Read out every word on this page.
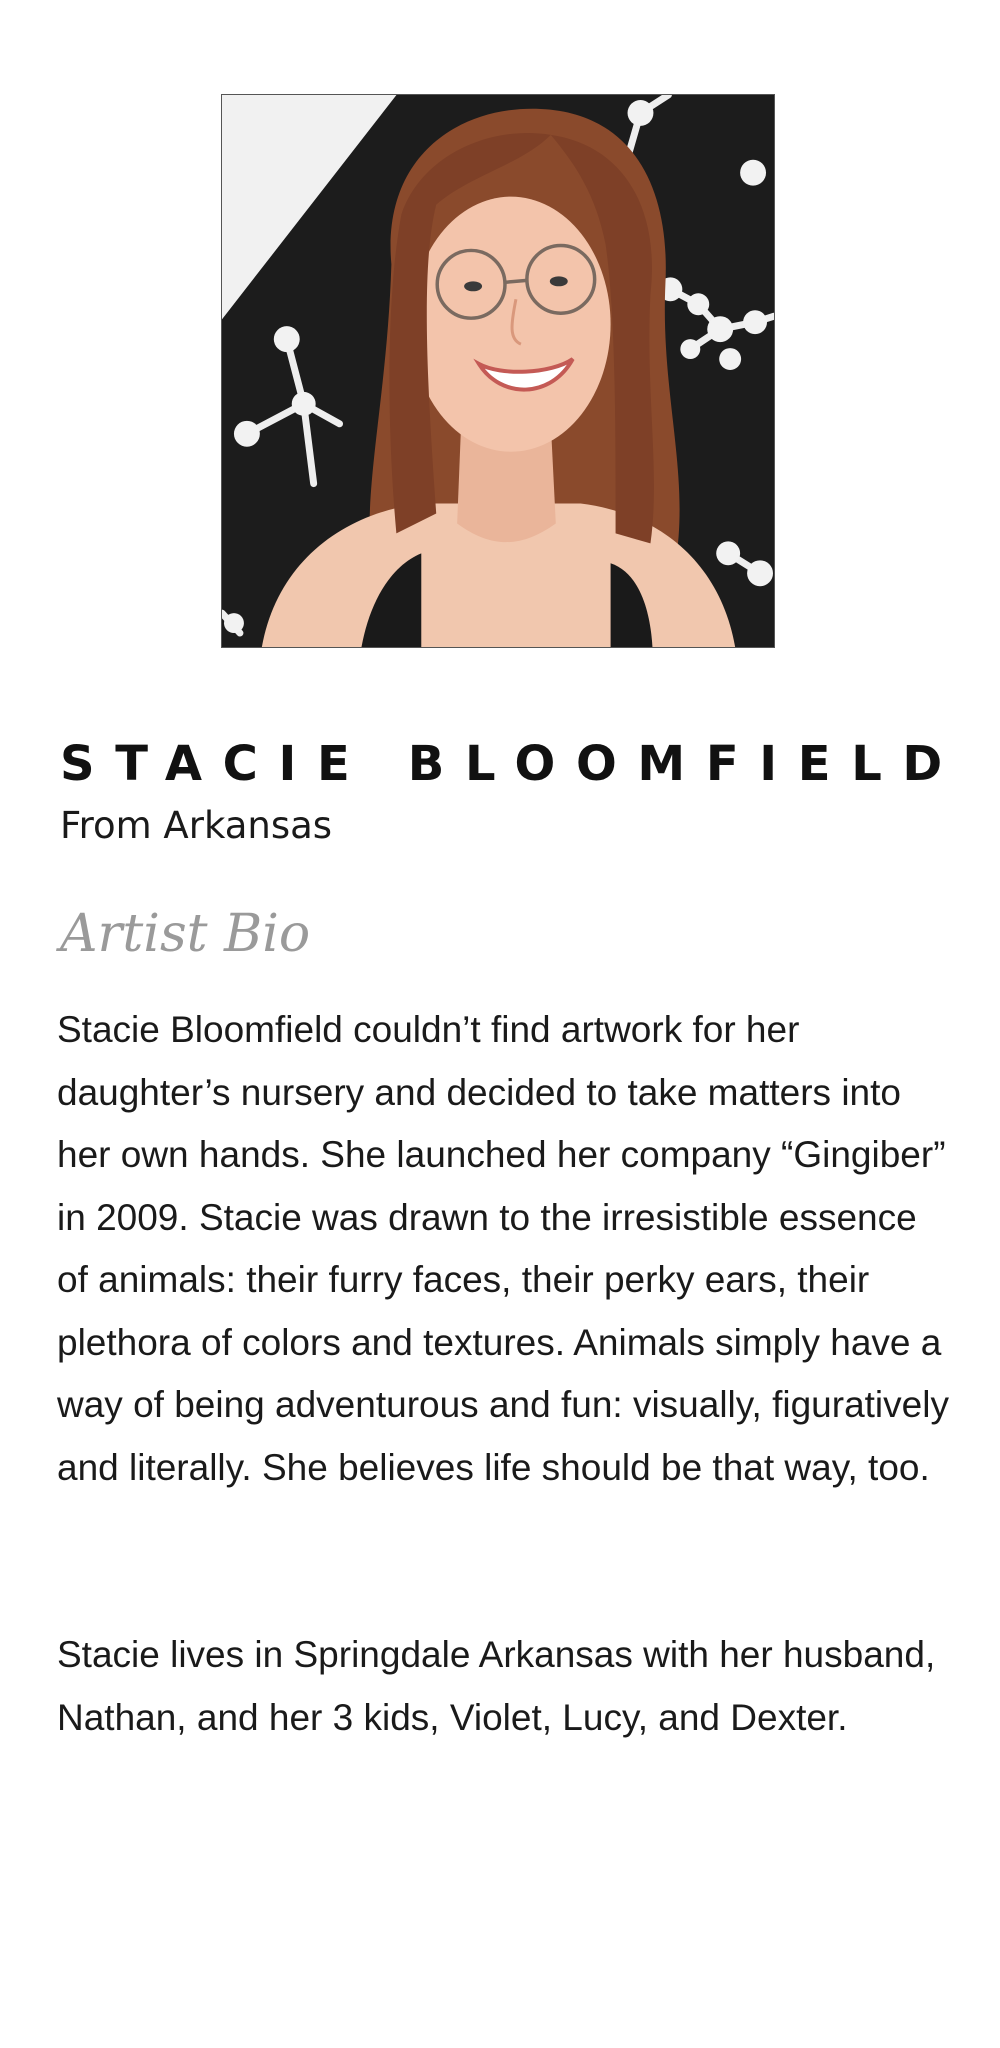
STACIE BLOOMFIELD

From Arkansas

Artist Bio

Stacie Bloomfield couldn’t find artwork for her daughter’s nursery and decided to take matters into her own hands. She launched her company “Gingiber” in 2009. Stacie was drawn to the irresistible essence of animals: their furry faces, their perky ears, their plethora of colors and textures. Animals simply have a way of being adventurous and fun: visually, figuratively and literally. She believes life should be that way, too.

Stacie lives in Springdale Arkansas with her husband, Nathan, and her 3 kids, Violet, Lucy, and Dexter.
